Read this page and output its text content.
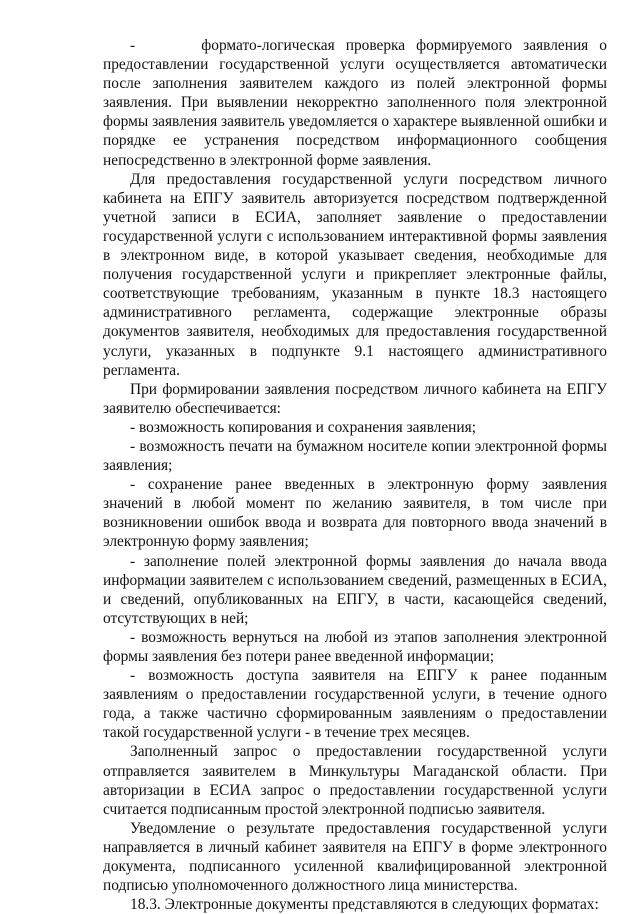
-      формато-логическая проверка формируемого заявления о предоставлении государственной услуги осуществляется автоматически после заполнения заявителем каждого из полей электронной формы заявления. При выявлении некорректно заполненного поля электронной формы заявления заявитель уведомляется о характере выявленной ошибки и порядке ее устранения посредством информационного сообщения непосредственно в электронной форме заявления.

Для предоставления государственной услуги посредством личного кабинета на ЕПГУ заявитель авторизуется посредством подтвержденной учетной записи в ЕСИА, заполняет заявление о предоставлении государственной услуги с использованием интерактивной формы заявления в электронном виде, в которой указывает сведения, необходимые для получения государственной услуги и прикрепляет электронные файлы, соответствующие требованиям, указанным в пункте 18.3 настоящего административного регламента, содержащие электронные образы документов заявителя, необходимых для предоставления государственной услуги, указанных в подпункте 9.1 настоящего административного регламента.

При формировании заявления посредством личного кабинета на ЕПГУ заявителю обеспечивается:

- возможность копирования и сохранения заявления;

- возможность печати на бумажном носителе копии электронной формы заявления;

- сохранение ранее введенных в электронную форму заявления значений в любой момент по желанию заявителя, в том числе при возникновении ошибок ввода и возврата для повторного ввода значений в электронную форму заявления;

- заполнение полей электронной формы заявления до начала ввода информации заявителем с использованием сведений, размещенных в ЕСИА, и сведений, опубликованных на ЕПГУ, в части, касающейся сведений, отсутствующих в ней;

- возможность вернуться на любой из этапов заполнения электронной формы заявления без потери ранее введенной информации;

- возможность доступа заявителя на ЕПГУ к ранее поданным заявлениям о предоставлении государственной услуги, в течение одного года, а также частично сформированным заявлениям о предоставлении такой государственной услуги - в течение трех месяцев.

Заполненный запрос о предоставлении государственной услуги отправляется заявителем в Минкультуры Магаданской области. При авторизации в ЕСИА запрос о предоставлении государственной услуги считается подписанным простой электронной подписью заявителя.

Уведомление о результате предоставления государственной услуги направляется в личный кабинет заявителя на ЕПГУ в форме электронного документа, подписанного усиленной квалифицированной электронной подписью уполномоченного должностного лица министерства.

18.3. Электронные документы представляются в следующих форматах:
